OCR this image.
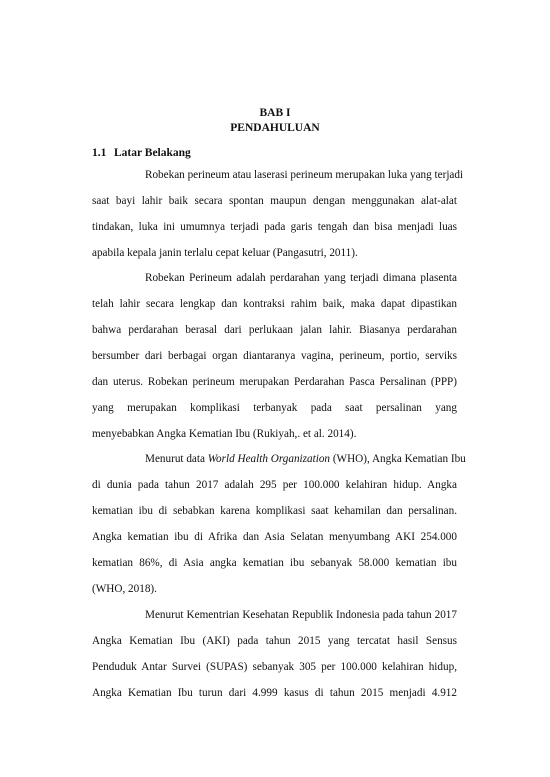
BAB I
PENDAHULUAN
1.1 Latar Belakang
Robekan perineum atau laserasi perineum merupakan luka yang terjadi
saat bayi lahir baik secara spontan maupun dengan menggunakan alat-alat
tindakan, luka ini umumnya terjadi pada garis tengah dan bisa menjadi luas
apabila kepala janin terlalu cepat keluar (Pangasutri, 2011).
Robekan Perineum adalah perdarahan yang terjadi dimana plasenta
telah lahir secara lengkap dan kontraksi rahim baik, maka dapat dipastikan
bahwa perdarahan berasal dari perlukaan jalan lahir. Biasanya perdarahan
bersumber dari berbagai organ diantaranya vagina, perineum, portio, serviks
dan uterus. Robekan perineum merupakan Perdarahan Pasca Persalinan (PPP)
yang merupakan komplikasi terbanyak pada saat persalinan yang
menyebabkan Angka Kematian Ibu (Rukiyah,. et al. 2014).
Menurut data World Health Organization (WHO), Angka Kematian Ibu
di dunia pada tahun 2017 adalah 295 per 100.000 kelahiran hidup. Angka
kematian ibu di sebabkan karena komplikasi saat kehamilan dan persalinan.
Angka kematian ibu di Afrika dan Asia Selatan menyumbang AKI 254.000
kematian 86%, di Asia angka kematian ibu sebanyak 58.000 kematian ibu
(WHO, 2018).
Menurut Kementrian Kesehatan Republik Indonesia pada tahun 2017
Angka Kematian Ibu (AKI) pada tahun 2015 yang tercatat hasil Sensus
Penduduk Antar Survei (SUPAS) sebanyak 305 per 100.000 kelahiran hidup,
Angka Kematian Ibu turun dari 4.999 kasus di tahun 2015 menjadi 4.912
